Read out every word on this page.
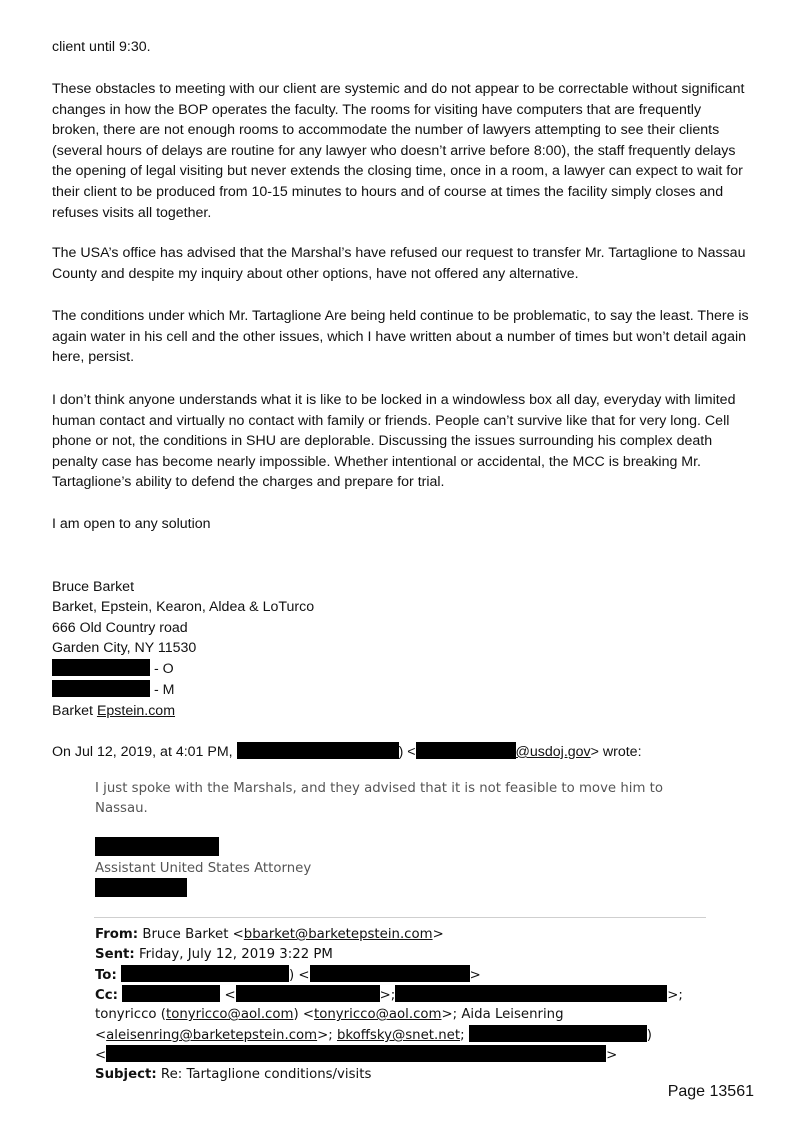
client until 9:30.
These obstacles to meeting with our client are systemic and do not appear to be correctable without significant changes in how the BOP operates the faculty. The rooms for visiting have computers that are frequently broken, there are not enough rooms to accommodate the number of lawyers attempting to see their clients (several hours of delays are routine for any lawyer who doesn’t arrive before 8:00), the staff frequently delays the opening of legal visiting but never extends the closing time, once in a room, a lawyer can expect to wait for their client to be produced from 10-15 minutes to hours and of course at times the facility simply closes and refuses visits all together.
The USA’s office has advised that the Marshal’s have refused our request to transfer Mr. Tartaglione to Nassau County and despite my inquiry about other options, have not offered any alternative.
The conditions under which Mr. Tartaglione Are being held continue to be problematic, to say the least. There is again water in his cell and the other issues, which I have written about a number of times but won’t detail again here, persist.
I don’t think anyone understands what it is like to be locked in a windowless box all day, everyday with limited human contact and virtually no contact with family or friends. People can’t survive like that for very long. Cell phone or not, the conditions in SHU are deplorable. Discussing the issues surrounding his complex death penalty case has become nearly impossible. Whether intentional or accidental, the MCC is breaking Mr. Tartaglione’s ability to defend the charges and prepare for trial.
I am open to any solution
Bruce Barket
Barket, Epstein, Kearon, Aldea & LoTurco
666 Old Country road
Garden City, NY 11530
- O
- M
Barket Epstein.com
On Jul 12, 2019, at 4:01 PM,	) <	@usdoj.gov> wrote:
I just spoke with the Marshals, and they advised that it is not feasible to move him to Nassau.
Assistant United States Attorney
From: Bruce Barket <bbarket@barketepstein.com>
Sent: Friday, July 12, 2019 3:22 PM
To:	) <	>
Cc:	<	>;	>;
tonyricco (tonyricco@aol.com) <tonyricco@aol.com>; Aida Leisenring
<aleisenring@barketepstein.com>; bkoffsky@snet.net;	)
<	>
Subject: Re: Tartaglione conditions/visits
Page 13561
